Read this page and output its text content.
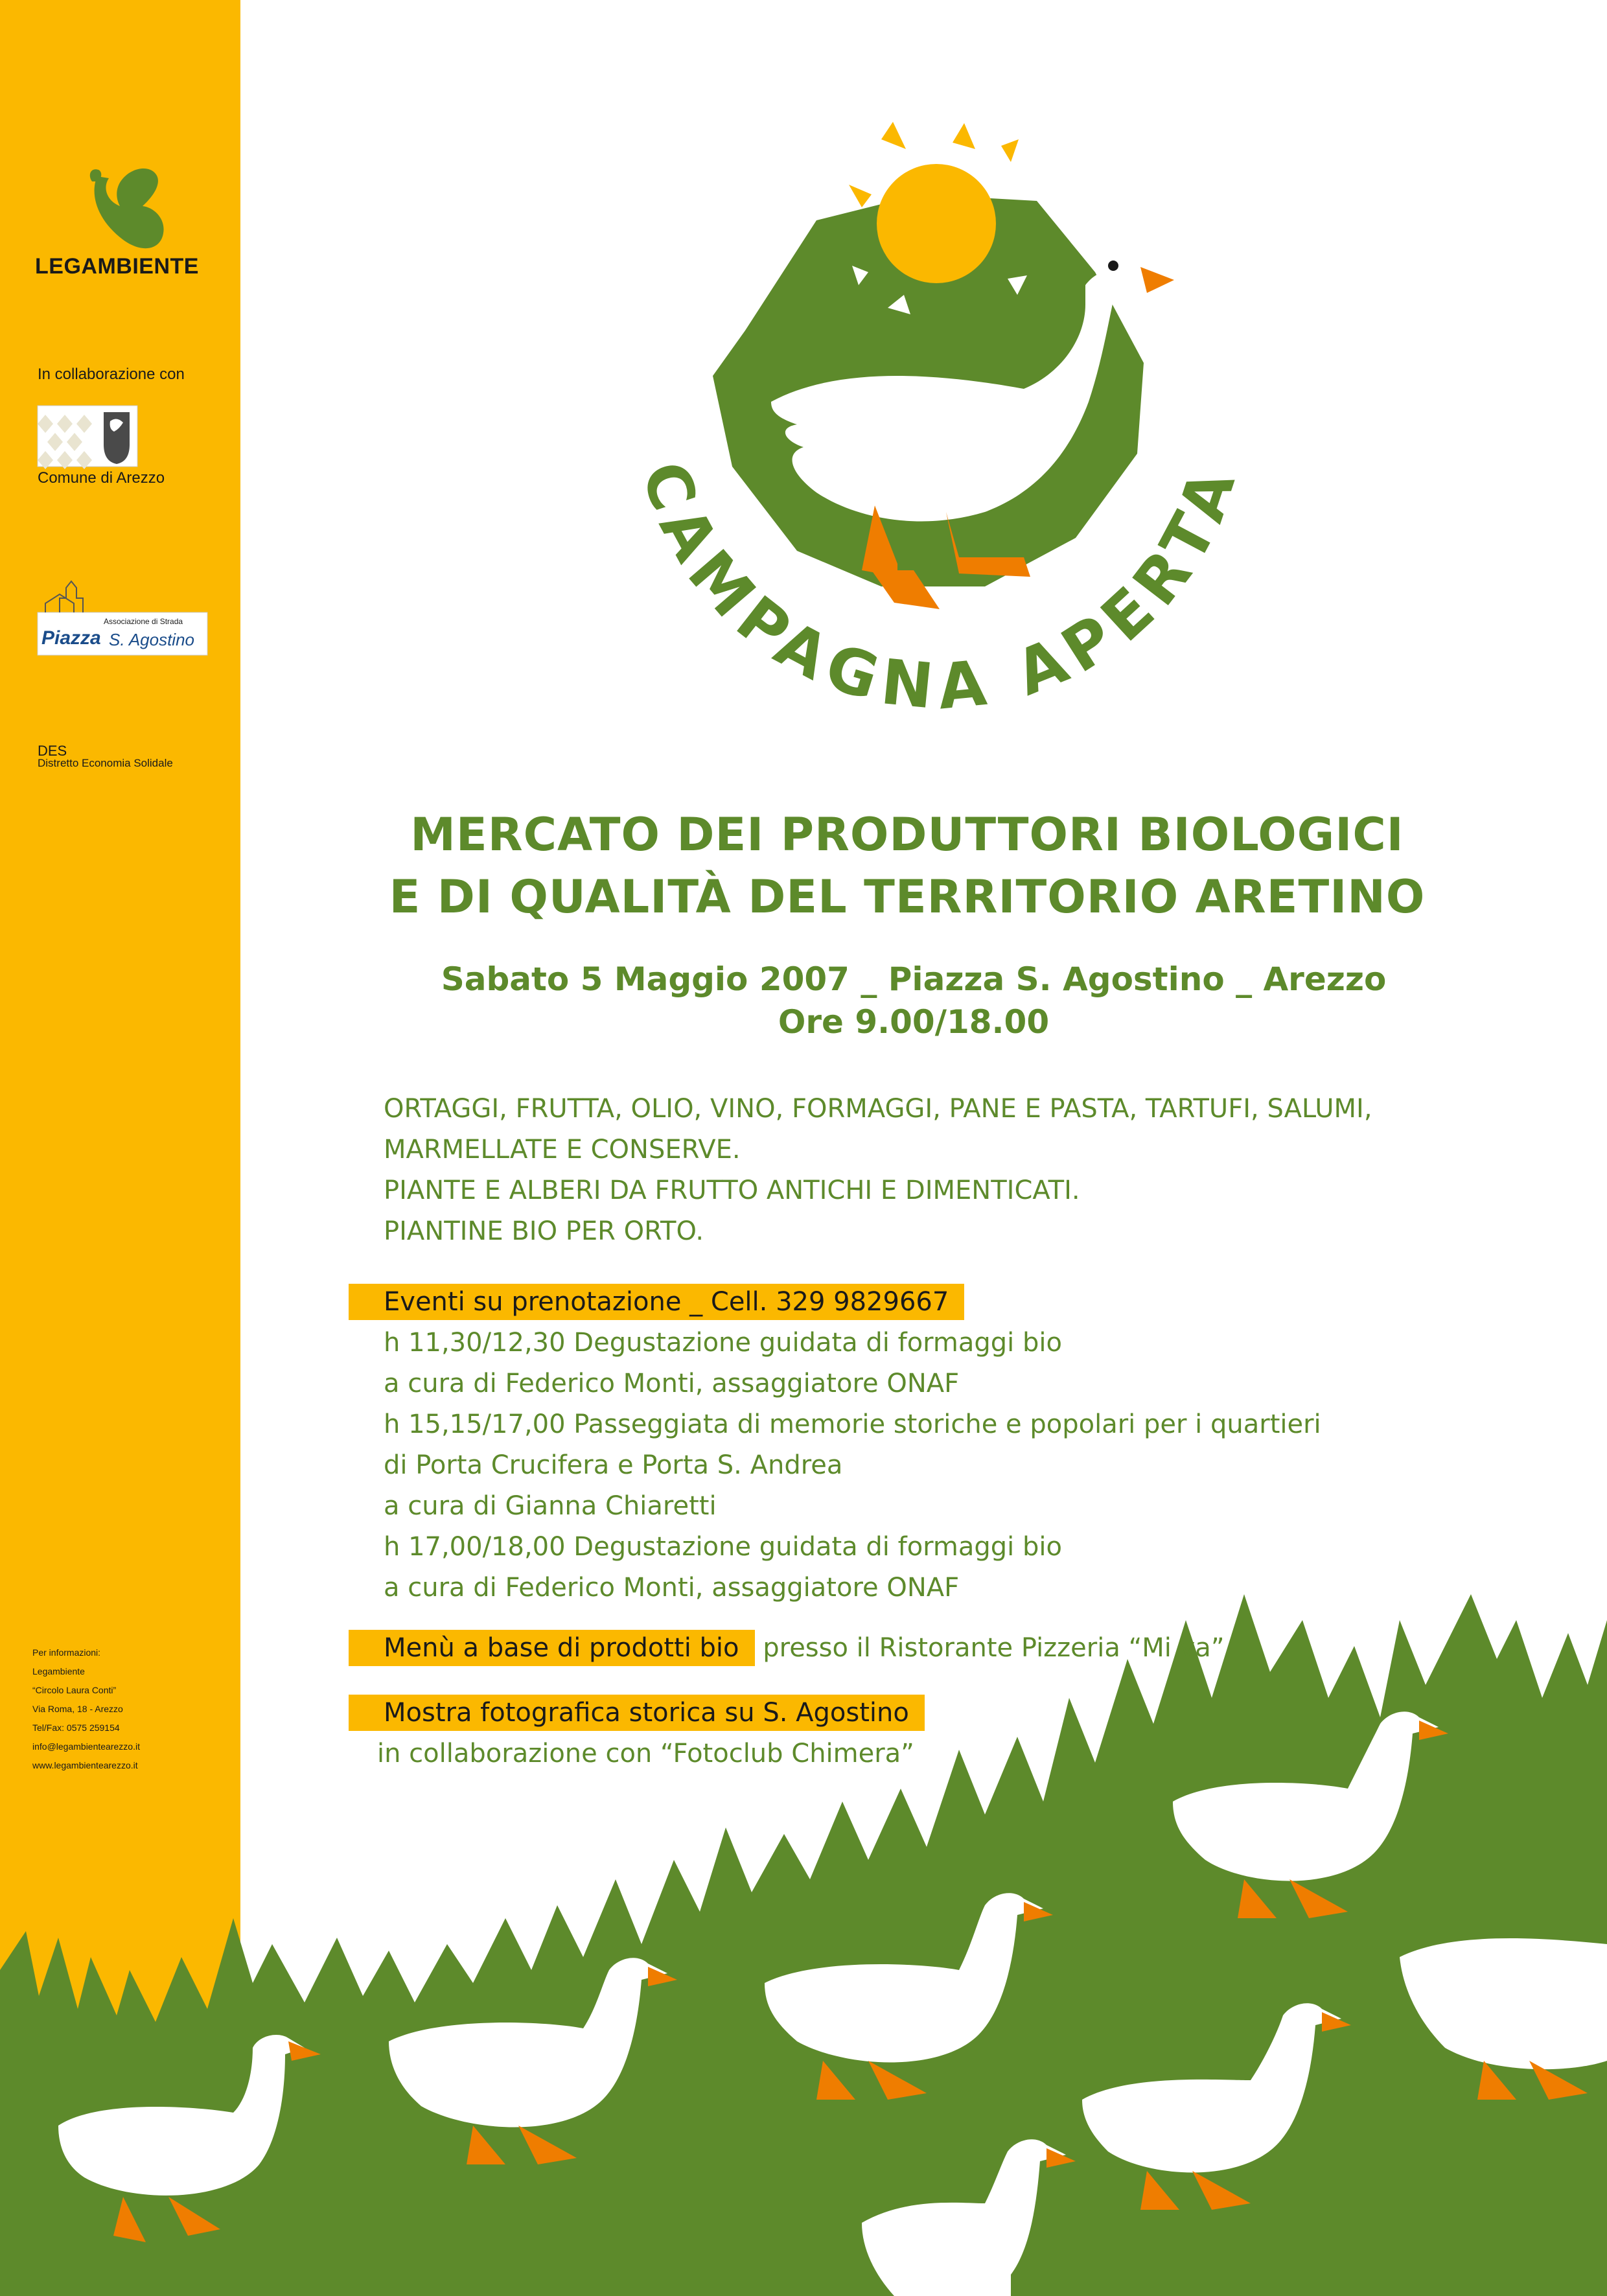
CAMPAGNA APERTA
LEGAMBIENTE
In collaborazione con
Comune di Arezzo
Associazione di Strada
Piazza S. Agostino
DES
Distretto Economia Solidale
Per informazioni:
Legambiente
“Circolo Laura Conti”
Via Roma, 18 - Arezzo
Tel/Fax: 0575 259154
info@legambientearezzo.it
www.legambientearezzo.it
MERCATO DEI PRODUTTORI BIOLOGICI
E DI QUALITÀ DEL TERRITORIO ARETINO
Sabato 5 Maggio 2007 _ Piazza S. Agostino _ Arezzo
Ore 9.00/18.00
ORTAGGI, FRUTTA, OLIO, VINO, FORMAGGI, PANE E PASTA, TARTUFI, SALUMI,
MARMELLATE E CONSERVE.
PIANTE E ALBERI DA FRUTTO ANTICHI E DIMENTICATI.
PIANTINE BIO PER ORTO.
Eventi su prenotazione _ Cell. 329 9829667
h 11,30/12,30 Degustazione guidata di formaggi bio
a cura di Federico Monti, assaggiatore ONAF
h 15,15/17,00 Passeggiata di memorie storiche e popolari per i quartieri
di Porta Crucifera e Porta S. Andrea
a cura di Gianna Chiaretti
h 17,00/18,00 Degustazione guidata di formaggi bio
a cura di Federico Monti, assaggiatore ONAF
Menù a base di prodotti bio presso il Ristorante Pizzeria “Mi va”
Mostra fotografica storica su S. Agostino
in collaborazione con “Fotoclub Chimera”
